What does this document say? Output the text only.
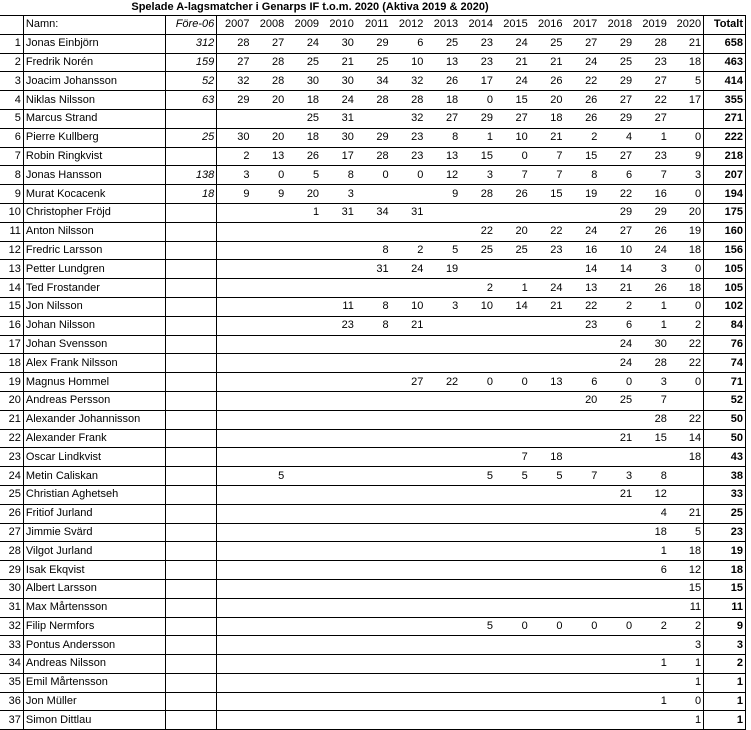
Spelade A-lagsmatcher i Genarps IF t.o.m. 2020 (Aktiva 2019 & 2020)
	Namn:	Före-06	2007	2008	2009	2010	2011	2012	2013	2014	2015	2016	2017	2018	2019	2020	Totalt
1	Jonas Einbjörn	312	28	27	24	30	29	6	25	23	24	25	27	29	28	21	658
2	Fredrik Norén	159	27	28	25	21	25	10	13	23	21	21	24	25	23	18	463
3	Joacim Johansson	52	32	28	30	30	34	32	26	17	24	26	22	29	27	5	414
4	Niklas Nilsson	63	29	20	18	24	28	28	18	0	15	20	26	27	22	17	355
5	Marcus Strand				25	31		32	27	29	27	18	26	29	27		271
6	Pierre Kullberg	25	30	20	18	30	29	23	8	1	10	21	2	4	1	0	222
7	Robin Ringkvist		2	13	26	17	28	23	13	15	0	7	15	27	23	9	218
8	Jonas Hansson	138	3	0	5	8	0	0	12	3	7	7	8	6	7	3	207
9	Murat Kocacenk	18	9	9	20	3			9	28	26	15	19	22	16	0	194
10	Christopher Fröjd				1	31	34	31						29	29	20	175
11	Anton Nilsson									22	20	22	24	27	26	19	160
12	Fredric Larsson						8	2	5	25	25	23	16	10	24	18	156
13	Petter Lundgren						31	24	19				14	14	3	0	105
14	Ted Frostander									2	1	24	13	21	26	18	105
15	Jon Nilsson					11	8	10	3	10	14	21	22	2	1	0	102
16	Johan Nilsson					23	8	21					23	6	1	2	84
17	Johan Svensson													24	30	22	76
18	Alex Frank Nilsson													24	28	22	74
19	Magnus Hommel							27	22	0	0	13	6	0	3	0	71
20	Andreas Persson												20	25	7		52
21	Alexander Johannisson														28	22	50
22	Alexander Frank													21	15	14	50
23	Oscar Lindkvist										7	18				18	43
24	Metin Caliskan			5						5	5	5	7	3	8		38
25	Christian Aghetseh													21	12		33
26	Fritiof Jurland														4	21	25
27	Jimmie Svärd														18	5	23
28	Vilgot Jurland														1	18	19
29	Isak Ekqvist														6	12	18
30	Albert Larsson															15	15
31	Max Mårtensson															11	11
32	Filip Nermfors									5	0	0	0	0	2	2	9
33	Pontus Andersson															3	3
34	Andreas Nilsson														1	1	2
35	Emil Mårtensson															1	1
36	Jon Müller														1	0	1
37	Simon Dittlau															1	1
